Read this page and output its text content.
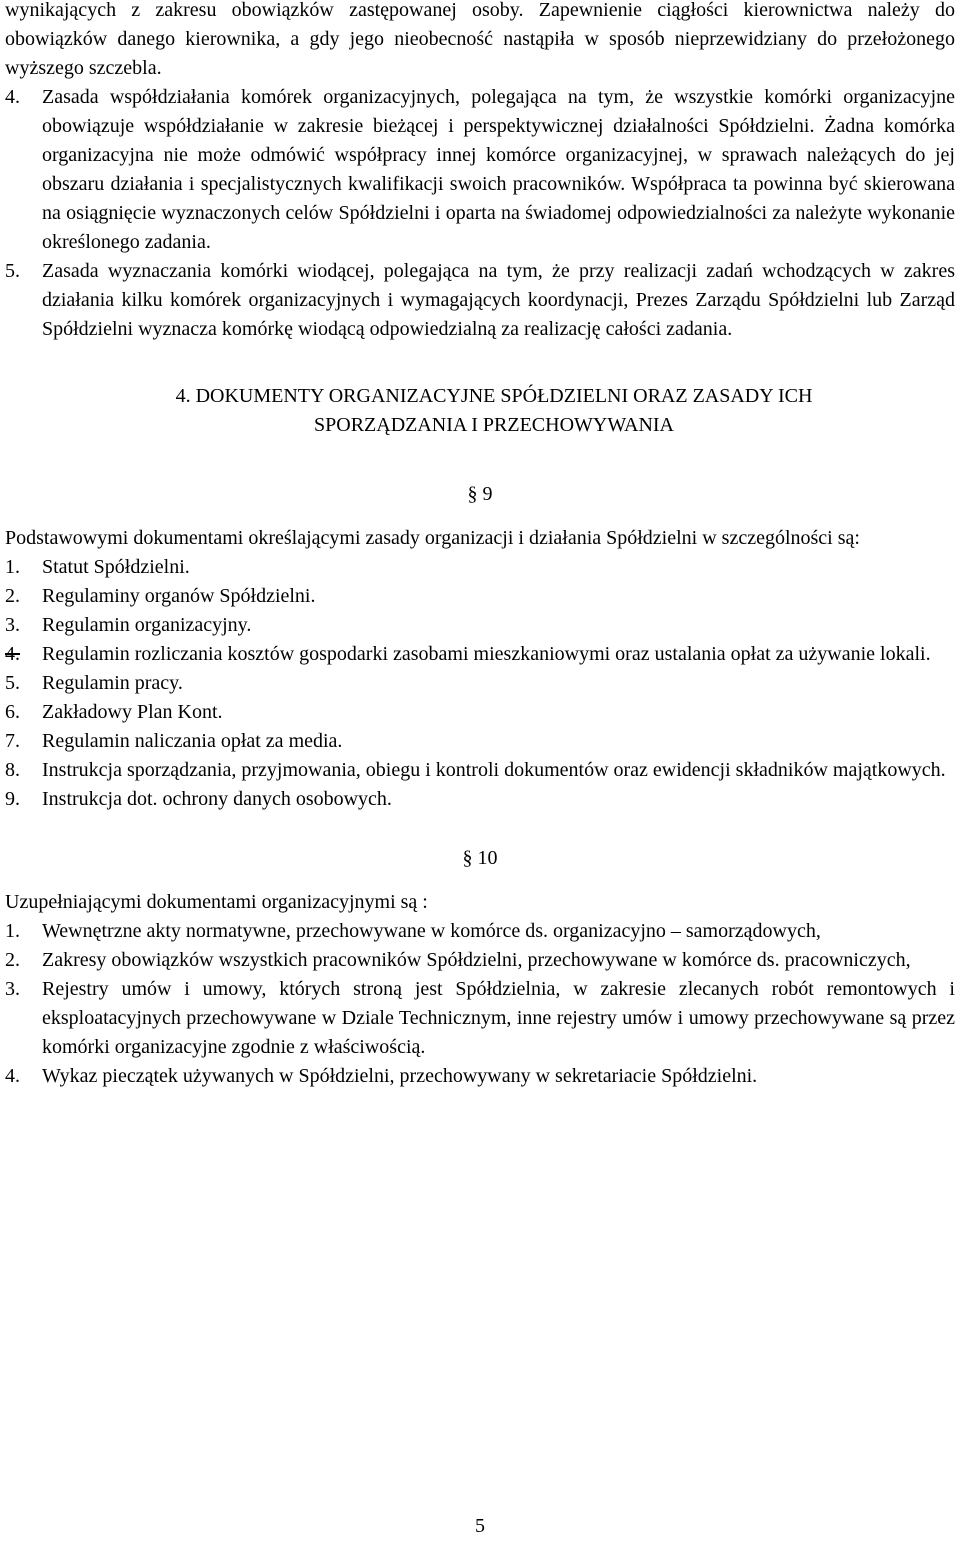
wynikających z zakresu obowiązków zastępowanej osoby. Zapewnienie ciągłości kierownictwa należy do obowiązków danego kierownika, a gdy jego nieobecność nastąpiła w sposób nieprzewidziany do przełożonego wyższego szczebla.

4.	Zasada współdziałania komórek organizacyjnych, polegająca na tym, że wszystkie komórki organizacyjne obowiązuje współdziałanie w zakresie bieżącej i perspektywicznej działalności Spółdzielni. Żadna komórka organizacyjna nie może odmówić współpracy innej komórce organizacyjnej, w sprawach należących do jej obszaru działania i specjalistycznych kwalifikacji swoich pracowników. Współpraca ta powinna być skierowana na osiągnięcie wyznaczonych celów Spółdzielni i oparta na świadomej odpowiedzialności za należyte wykonanie określonego zadania.
5.	Zasada wyznaczania komórki wiodącej, polegająca na tym, że przy realizacji zadań wchodzących w zakres działania kilku komórek organizacyjnych i wymagających koordynacji, Prezes Zarządu Spółdzielni lub Zarząd Spółdzielni wyznacza komórkę wiodącą odpowiedzialną za realizację całości zadania.

4. DOKUMENTY ORGANIZACYJNE SPÓŁDZIELNI ORAZ ZASADY ICH
SPORZĄDZANIA I PRZECHOWYWANIA

§ 9

Podstawowymi dokumentami określającymi zasady organizacji i działania Spółdzielni w szczególności są:

1.	Statut Spółdzielni.
2.	Regulaminy organów Spółdzielni.
3.	Regulamin organizacyjny.
4.	Regulamin rozliczania kosztów gospodarki zasobami mieszkaniowymi oraz ustalania opłat za używanie lokali.
5.	Regulamin pracy.
6.	Zakładowy Plan Kont.
7.	Regulamin naliczania opłat za media.
8.	Instrukcja sporządzania, przyjmowania, obiegu i kontroli dokumentów oraz ewidencji składników majątkowych.
9.	Instrukcja dot. ochrony danych osobowych.

§ 10

Uzupełniającymi dokumentami organizacyjnymi są :

1.	Wewnętrzne akty normatywne, przechowywane w komórce ds. organizacyjno – samorządowych,
2.	Zakresy obowiązków wszystkich pracowników Spółdzielni, przechowywane w komórce ds. pracowniczych,
3.	Rejestry umów i umowy, których stroną jest Spółdzielnia, w zakresie zlecanych robót remontowych i eksploatacyjnych przechowywane w Dziale Technicznym, inne rejestry umów i umowy przechowywane są przez komórki organizacyjne zgodnie z właściwością.
4.	Wykaz pieczątek używanych w Spółdzielni, przechowywany w sekretariacie Spółdzielni.
5
